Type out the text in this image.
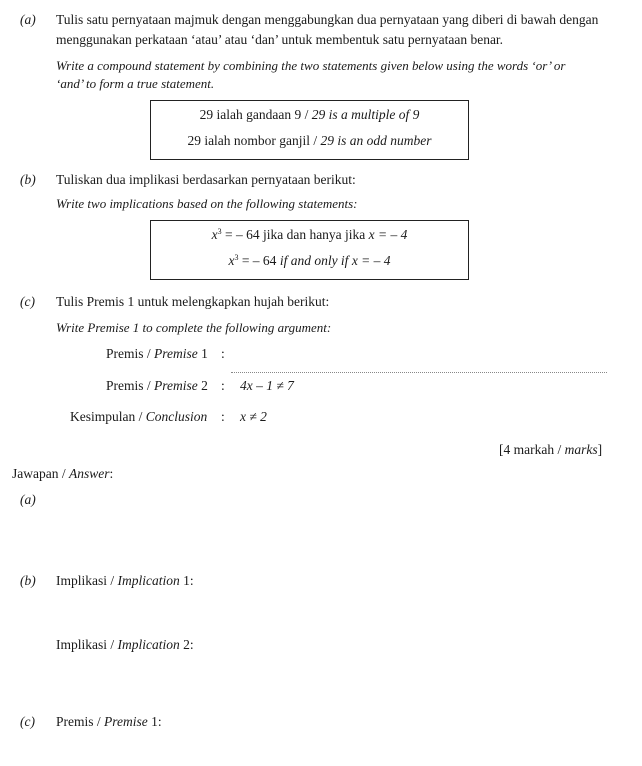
(a) Tulis satu pernyataan majmuk dengan menggabungkan dua pernyataan yang diberi di bawah dengan
menggunakan perkataan ‘atau’ atau ‘dan’ untuk membentuk satu pernyataan benar.
Write a compound statement by combining the two statements given below using the words ‘or’ or
‘and’ to form a true statement.
29 ialah gandaan 9 / 29 is a multiple of 9
29 ialah nombor ganjil / 29 is an odd number
(b) Tuliskan dua implikasi berdasarkan pernyataan berikut:
Write two implications based on the following statements:
$x^3$ = – 64 jika dan hanya jika x = – 4
$x^3$ = – 64 if and only if x = – 4
(c) Tulis Premis 1 untuk melengkapkan hujah berikut:
Write Premise 1 to complete the following argument:
Premis / Premise 1 :
Premis / Premise 2 : 4x – 1 ≠ 7
Kesimpulan / Conclusion : x ≠ 2
[4 markah / marks]
Jawapan / Answer:
(a)
(b) Implikasi / Implication 1:
Implikasi / Implication 2:
(c) Premis / Premise 1:
